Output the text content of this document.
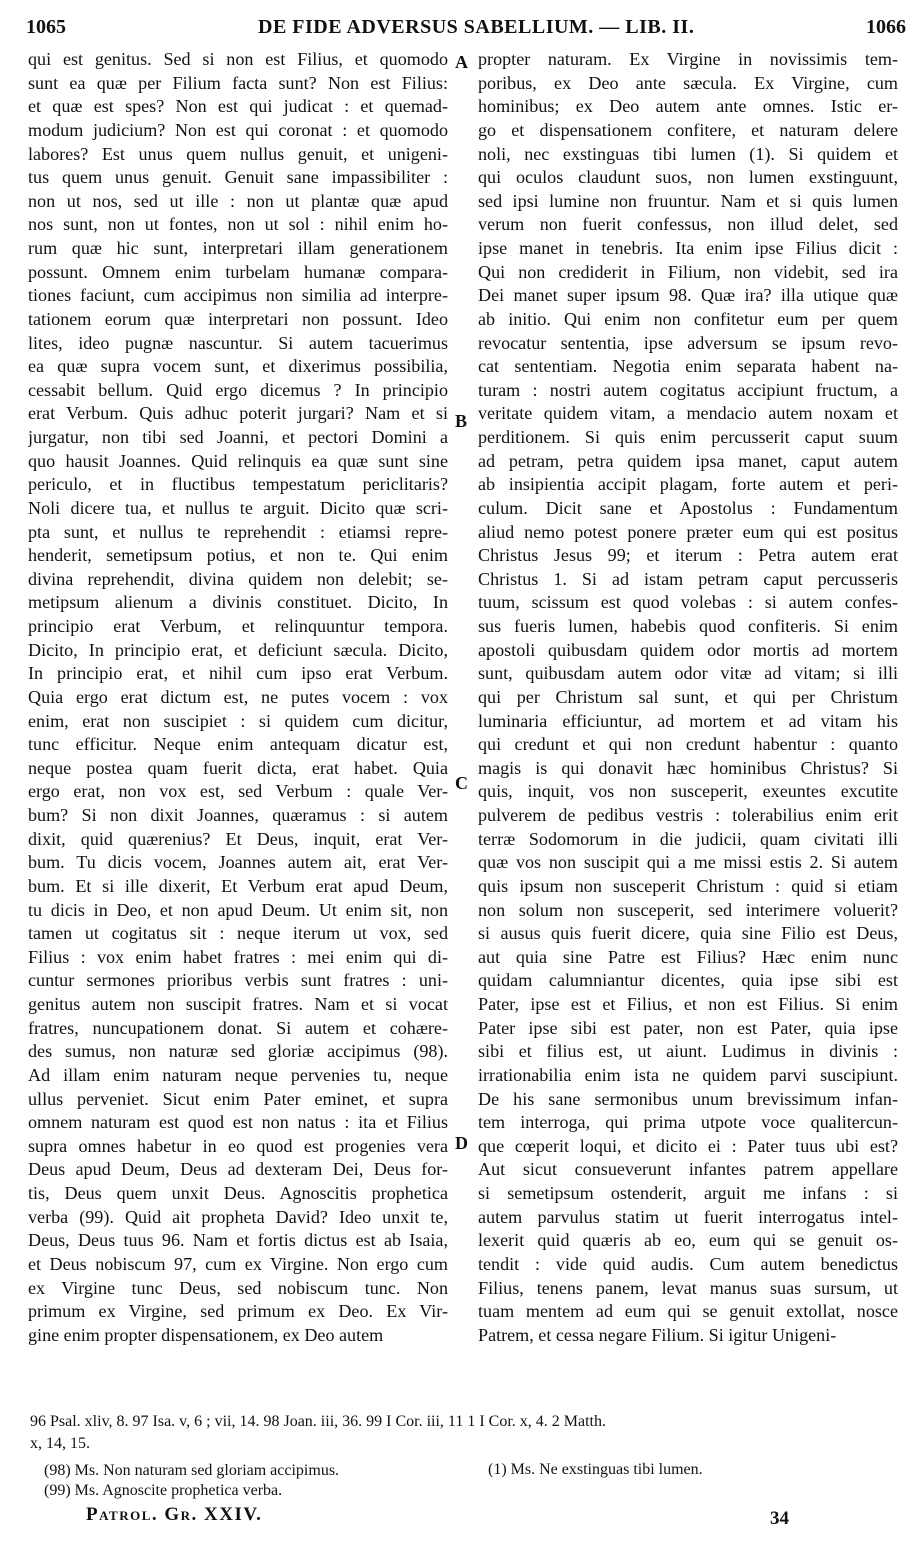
1065	DE FIDE ADVERSUS SABELLIUM. — LIB. II.	1066
qui est genitus. Sed si non est Filius, et quomodo
sunt ea quæ per Filium facta sunt? Non est Filius:
et quæ est spes? Non est qui judicat : et quemad-
modum judicium? Non est qui coronat : et quomodo
labores? Est unus quem nullus genuit, et unigeni-
tus quem unus genuit. Genuit sane impassibiliter :
non ut nos, sed ut ille : non ut plantæ quæ apud
nos sunt, non ut fontes, non ut sol : nihil enim ho-
rum quæ hic sunt, interpretari illam generationem
possunt. Omnem enim turbelam humanæ compara-
tiones faciunt, cum accipimus non similia ad interpre-
tationem eorum quæ interpretari non possunt. Ideo
lites, ideo pugnæ nascuntur. Si autem tacuerimus
ea quæ supra vocem sunt, et dixerimus possibilia,
cessabit bellum. Quid ergo dicemus ? In principio
erat Verbum. Quis adhuc poterit jurgari? Nam et si
jurgatur, non tibi sed Joanni, et pectori Domini a
quo hausit Joannes. Quid relinquis ea quæ sunt sine
periculo, et in fluctibus tempestatum periclitaris?
Noli dicere tua, et nullus te arguit. Dicito quæ scri-
pta sunt, et nullus te reprehendit : etiamsi repre-
henderit, semetipsum potius, et non te. Qui enim
divina reprehendit, divina quidem non delebit; se-
metipsum alienum a divinis constituet. Dicito, In
principio erat Verbum, et relinquuntur tempora.
Dicito, In principio erat, et deficiunt sæcula. Dicito,
In principio erat, et nihil cum ipso erat Verbum.
Quia ergo erat dictum est, ne putes vocem : vox
enim, erat non suscipiet : si quidem cum dicitur,
tunc efficitur. Neque enim antequam dicatur est,
neque postea quam fuerit dicta, erat habet. Quia
ergo erat, non vox est, sed Verbum : quale Ver-
bum? Si non dixit Joannes, quæramus : si autem
dixit, quid quærenius? Et Deus, inquit, erat Ver-
bum. Tu dicis vocem, Joannes autem ait, erat Ver-
bum. Et si ille dixerit, Et Verbum erat apud Deum,
tu dicis in Deo, et non apud Deum. Ut enim sit, non
tamen ut cogitatus sit : neque iterum ut vox, sed
Filius : vox enim habet fratres : mei enim qui di-
cuntur sermones prioribus verbis sunt fratres : uni-
genitus autem non suscipit fratres. Nam et si vocat
fratres, nuncupationem donat. Si autem et cohære-
des sumus, non naturæ sed gloriæ accipimus (98).
Ad illam enim naturam neque pervenies tu, neque
ullus perveniet. Sicut enim Pater eminet, et supra
omnem naturam est quod est non natus : ita et Filius
supra omnes habetur in eo quod est progenies vera
Deus apud Deum, Deus ad dexteram Dei, Deus for-
tis, Deus quem unxit Deus. Agnoscitis prophetica
verba (99). Quid ait propheta David? Ideo unxit te,
Deus, Deus tuus 96. Nam et fortis dictus est ab Isaia,
et Deus nobiscum 97, cum ex Virgine. Non ergo cum
ex Virgine tunc Deus, sed nobiscum tunc. Non
primum ex Virgine, sed primum ex Deo. Ex Vir-
gine enim propter dispensationem, ex Deo autem
propter naturam. Ex Virgine in novissimis tem-
poribus, ex Deo ante sæcula. Ex Virgine, cum
hominibus; ex Deo autem ante omnes. Istic er-
go et dispensationem confitere, et naturam delere
noli, nec exstinguas tibi lumen (1). Si quidem et
qui oculos claudunt suos, non lumen exstinguunt,
sed ipsi lumine non fruuntur. Nam et si quis lumen
verum non fuerit confessus, non illud delet, sed
ipse manet in tenebris. Ita enim ipse Filius dicit :
Qui non crediderit in Filium, non videbit, sed ira
Dei manet super ipsum 98. Quæ ira? illa utique quæ
ab initio. Qui enim non confitetur eum per quem
revocatur sententia, ipse adversum se ipsum revo-
cat sententiam. Negotia enim separata habent na-
turam : nostri autem cogitatus accipiunt fructum, a
veritate quidem vitam, a mendacio autem noxam et
perditionem. Si quis enim percusserit caput suum
ad petram, petra quidem ipsa manet, caput autem
ab insipientia accipit plagam, forte autem et peri-
culum. Dicit sane et Apostolus : Fundamentum
aliud nemo potest ponere præter eum qui est positus
Christus Jesus 99; et iterum : Petra autem erat
Christus 1. Si ad istam petram caput percusseris
tuum, scissum est quod volebas : si autem confes-
sus fueris lumen, habebis quod confiteris. Si enim
apostoli quibusdam quidem odor mortis ad mortem
sunt, quibusdam autem odor vitæ ad vitam; si illi
qui per Christum sal sunt, et qui per Christum
luminaria efficiuntur, ad mortem et ad vitam his
qui credunt et qui non credunt habentur : quanto
magis is qui donavit hæc hominibus Christus? Si
quis, inquit, vos non susceperit, exeuntes excutite
pulverem de pedibus vestris : tolerabilius enim erit
terræ Sodomorum in die judicii, quam civitati illi
quæ vos non suscipit qui a me missi estis 2. Si autem
quis ipsum non susceperit Christum : quid si etiam
non solum non susceperit, sed interimere voluerit?
si ausus quis fuerit dicere, quia sine Filio est Deus,
aut quia sine Patre est Filius? Hæc enim nunc
quidam calumniantur dicentes, quia ipse sibi est
Pater, ipse est et Filius, et non est Filius. Si enim
Pater ipse sibi est pater, non est Pater, quia ipse
sibi et filius est, ut aiunt. Ludimus in divinis :
irrationabilia enim ista ne quidem parvi suscipiunt.
De his sane sermonibus unum brevissimum infan-
tem interroga, qui prima utpote voce qualitercun-
que cœperit loqui, et dicito ei : Pater tuus ubi est?
Aut sicut consueverunt infantes patrem appellare
si semetipsum ostenderit, arguit me infans : si
autem parvulus statim ut fuerit interrogatus intel-
lexerit quid quæris ab eo, eum qui se genuit os-
tendit : vide quid audis. Cum autem benedictus
Filius, tenens panem, levat manus suas sursum, ut
tuam mentem ad eum qui se genuit extollat, nosce
Patrem, et cessa negare Filium. Si igitur Unigeni-
A
B
C
D
96 Psal. xliv, 8. 97 Isa. v, 6 ; vii, 14. 98 Joan. iii, 36. 99 I Cor. iii, 11 1 I Cor. x, 4. 2 Matth.
x, 14, 15.
(98) Ms. Non naturam sed gloriam accipimus.
(99) Ms. Agnoscite prophetica verba.
(1) Ms. Ne exstinguas tibi lumen.
Patrol. Gr. XXIV.	34
